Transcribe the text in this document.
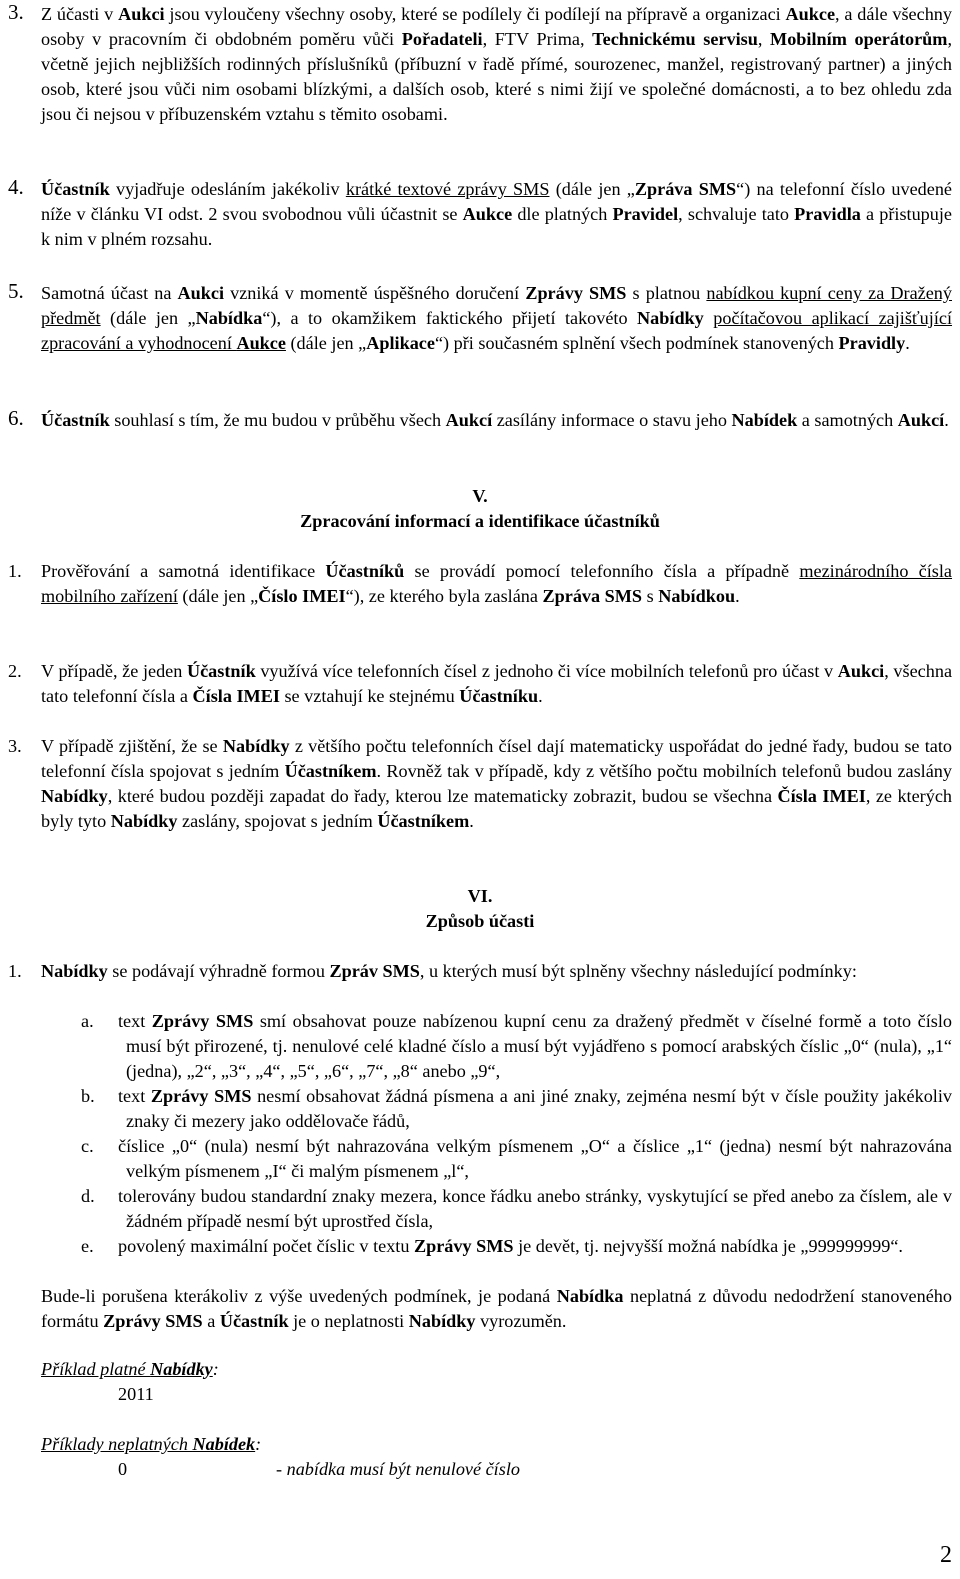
3. Z účasti v Aukci jsou vyloučeny všechny osoby, které se podílely či podílejí na přípravě a organizaci Aukce, a dále všechny osoby v pracovním či obdobném poměru vůči Pořadateli, FTV Prima, Technickému servisu, Mobilním operátorům, včetně jejich nejbližších rodinných příslušníků (příbuzní v řadě přímé, sourozenec, manžel, registrovaný partner) a jiných osob, které jsou vůči nim osobami blízkými, a dalších osob, které s nimi žijí ve společné domácnosti, a to bez ohledu zda jsou či nejsou v příbuzenském vztahu s těmito osobami.
4. Účastník vyjadřuje odesláním jakékoliv krátké textové zprávy SMS (dále jen „Zpráva SMS“) na telefonní číslo uvedené níže v článku VI odst. 2 svou svobodnou vůli účastnit se Aukce dle platných Pravidel, schvaluje tato Pravidla a přistupuje k nim v plném rozsahu.
5. Samotná účast na Aukci vzniká v momentě úspěšného doručení Zprávy SMS s platnou nabídkou kupní ceny za Dražený předmět (dále jen „Nabídka“), a to okamžikem faktického přijetí takovéto Nabídky počítačovou aplikací zajišťující zpracování a vyhodnocení Aukce (dále jen „Aplikace“) při současném splnění všech podmínek stanovených Pravidly.
6. Účastník souhlasí s tím, že mu budou v průběhu všech Aukcí zasílány informace o stavu jeho Nabídek a samotných Aukcí.
V.
Zpracování informací a identifikace účastníků
1. Prověřování a samotná identifikace Účastníků se provádí pomocí telefonního čísla a případně mezinárodního čísla mobilního zařízení (dále jen „Číslo IMEI“), ze kterého byla zaslána Zpráva SMS s Nabídkou.
2. V případě, že jeden Účastník využívá více telefonních čísel z jednoho či více mobilních telefonů pro účast v Aukci, všechna tato telefonní čísla a Čísla IMEI se vztahují ke stejnému Účastníku.
3. V případě zjištění, že se Nabídky z většího počtu telefonních čísel dají matematicky uspořádat do jedné řady, budou se tato telefonní čísla spojovat s jedním Účastníkem. Rovněž tak v případě, kdy z většího počtu mobilních telefonů budou zaslány Nabídky, které budou později zapadat do řady, kterou lze matematicky zobrazit, budou se všechna Čísla IMEI, ze kterých byly tyto Nabídky zaslány, spojovat s jedním Účastníkem.
VI.
Způsob účasti
1. Nabídky se podávají výhradně formou Zpráv SMS, u kterých musí být splněny všechny následující podmínky:
a. text Zprávy SMS smí obsahovat pouze nabízenou kupní cenu za dražený předmět v číselné formě a toto číslo musí být přirozené, tj. nenulové celé kladné číslo a musí být vyjádřeno s pomocí arabských číslic „0“ (nula), „1“ (jedna), „2“, „3“, „4“, „5“, „6“, „7“, „8“ anebo „9“,
b. text Zprávy SMS nesmí obsahovat žádná písmena a ani jiné znaky, zejména nesmí být v čísle použity jakékoliv znaky či mezery jako oddělovače řádů,
c. číslice „0“ (nula) nesmí být nahrazována velkým písmenem „O“ a číslice „1“ (jedna) nesmí být nahrazována velkým písmenem „I“ či malým písmenem „l“,
d. tolerovány budou standardní znaky mezera, konce řádku anebo stránky, vyskytující se před anebo za číslem, ale v žádném případě nesmí být uprostřed čísla,
e. povolený maximální počet číslic v textu Zprávy SMS je devět, tj. nejvyšší možná nabídka je „999999999“.
Bude-li porušena kterákoliv z výše uvedených podmínek, je podaná Nabídka neplatná z důvodu nedodržení stanoveného formátu Zprávy SMS a Účastník je o neplatnosti Nabídky vyrozuměn.
Příklad platné Nabídky:
2011
Příklady neplatných Nabídek:
0	- nabídka musí být nenulové číslo
2
